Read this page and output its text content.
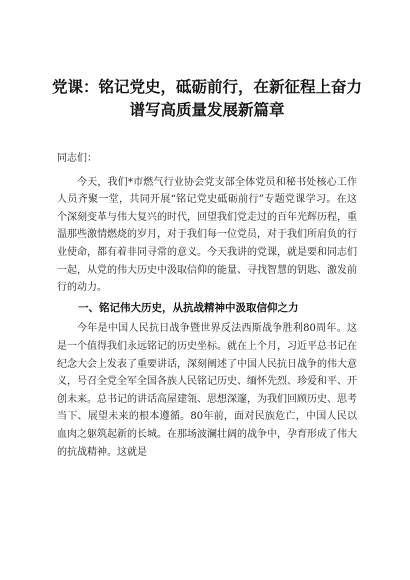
党课：铭记党史，砥砺前行，在新征程上奋力谱写高质量发展新篇章

同志们：

今天，我们*市燃气行业协会党支部全体党员和秘书处核心工作人员齐聚一堂，共同开展“铭记党史砥砺前行”专题党课学习。在这个深刻变革与伟大复兴的时代，回望我们党走过的百年光辉历程，重温那些激情燃烧的岁月，对于我们每一位党员，对于我们所肩负的行业使命，都有着非同寻常的意义。今天我讲的党课，就是要和同志们一起，从党的伟大历史中汲取信仰的能量、寻找智慧的钥匙、激发前行的动力。

一、铭记伟大历史，从抗战精神中汲取信仰之力

今年是中国人民抗日战争暨世界反法西斯战争胜利80周年。这是一个值得我们永远铭记的历史坐标。就在上个月，习近平总书记在纪念大会上发表了重要讲话，深刻阐述了中国人民抗日战争的伟大意义，号召全党全军全国各族人民铭记历史、缅怀先烈、珍爱和平、开创未来。总书记的讲话高屋建瓴、思想深邃，为我们回顾历史、思考当下、展望未来的根本遵循。80年前，面对民族危亡，中国人民以血肉之躯筑起新的长城。在那场波澜壮阔的战争中，孕育形成了伟大的抗战精神。这就是
